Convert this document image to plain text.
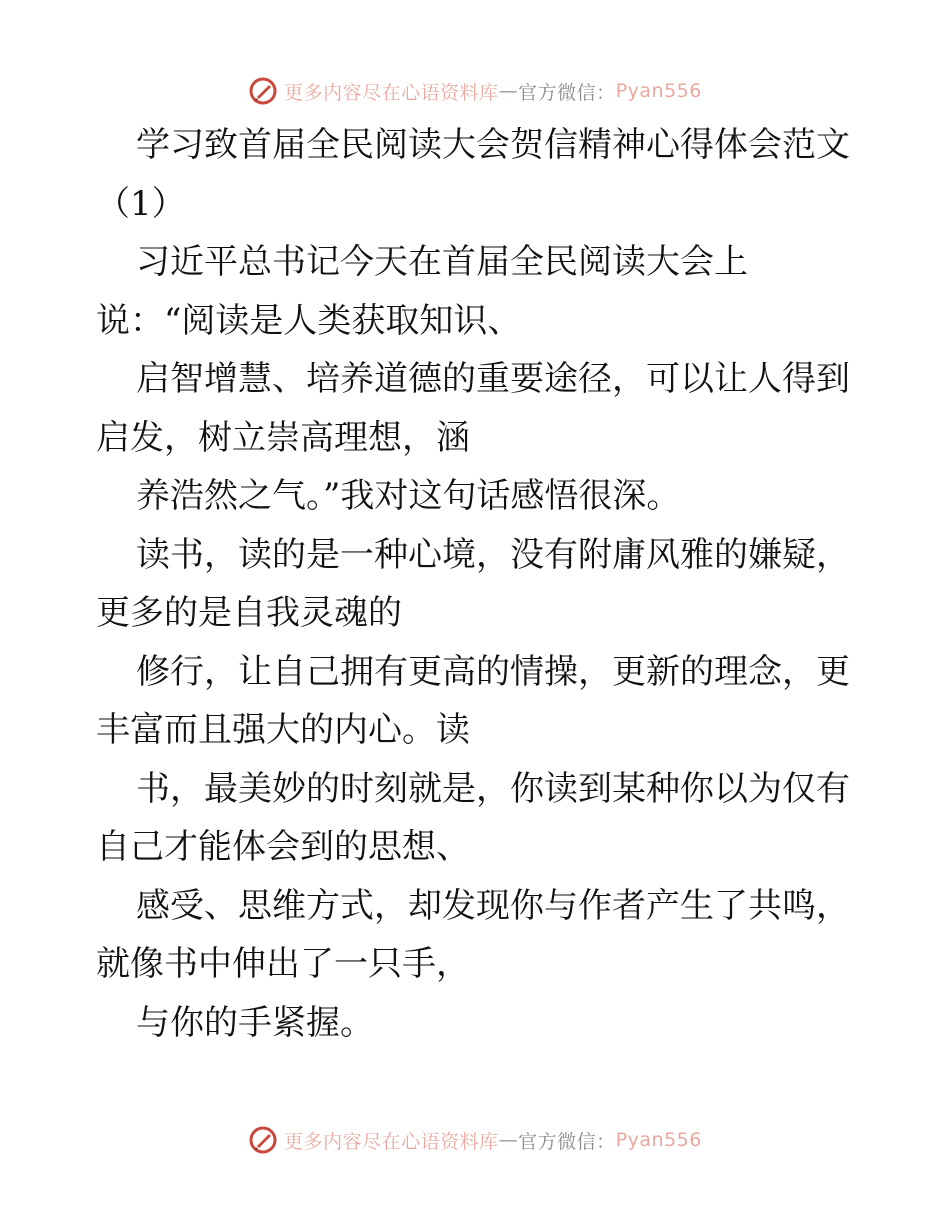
更多内容尽在心语资料库 — 官方微信： Pyan556
学习致首届全民阅读大会贺信精神心得体会范文
（1）
习近平总书记今天在首届全民阅读大会上
说：“阅读是人类获取知识、
启智增慧、培养道德的重要途径，可以让人得到
启发，树立崇高理想，涵
养浩然之气。”我对这句话感悟很深。
读书，读的是一种心境，没有附庸风雅的嫌疑，
更多的是自我灵魂的
修行，让自己拥有更高的情操，更新的理念，更
丰富而且强大的内心。读
书，最美妙的时刻就是，你读到某种你以为仅有
自己才能体会到的思想、
感受、思维方式，却发现你与作者产生了共鸣，
就像书中伸出了一只手，
与你的手紧握。
更多内容尽在心语资料库 — 官方微信： Pyan556
